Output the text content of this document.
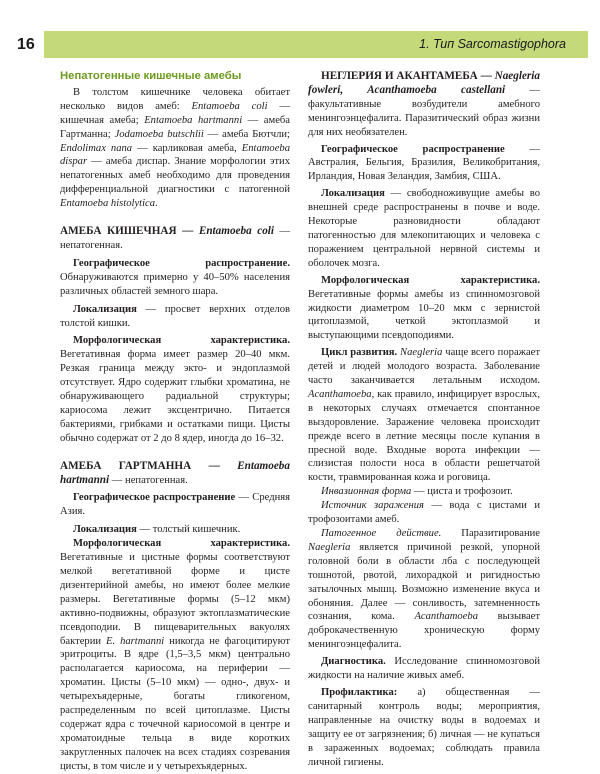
16	1. Тип Sarcomastigophora
Непатогенные кишечные амебы

В толстом кишечнике человека обитает несколько видов амеб: Entamoeba coli — кишечная амеба; Entamoeba hartmanni — амеба Гартманна; Jodamoeba butschlii — амеба Бютчли; Endolimax nana — карликовая амеба, Entamoeba dispar — амеба диспар. Знание морфологии этих непатогенных амеб необходимо для проведения дифференциальной диагностики с патогенной Entamoeba histolytica.

АМЕБА КИШЕЧНАЯ — Entamoeba coli — непатогенная.

Географическое распространение. Обнаруживаются примерно у 40–50% населения различных областей земного шара.

Локализация — просвет верхних отделов толстой кишки.

Морфологическая характеристика. Вегетативная форма имеет размер 20–40 мкм. Резкая граница между экто- и эндоплазмой отсутствует. Ядро содержит глыбки хроматина, не обнаруживающего радиальной структуры; кариосома лежит эксцентрично. Питается бактериями, грибками и остатками пищи. Цисты обычно содержат от 2 до 8 ядер, иногда до 16–32.

АМЕБА ГАРТМАННА — Entamoeba hartmanni — непатогенная.

Географическое распространение — Средняя Азия.

Локализация — толстый кишечник.

Морфологическая характеристика. Вегетативные и цистные формы соответствуют мелкой вегетативной форме и цисте дизентерийной амебы, но имеют более мелкие размеры. Вегетативные формы (5–12 мкм) активно-подвижны, образуют эктоплазматические псевдоподии. В пищеварительных вакуолях бактерии E. hartmanni никогда не фагоцитируют эритроциты. В ядре (1,5–3,5 мкм) центрально располагается кариосома, на периферии — хроматин. Цисты (5–10 мкм) — одно-, двух- и четырехъядерные, богаты гликогеном, распределенным по всей цитоплазме. Цисты содержат ядра с точечной кариосомой в центре и хроматоидные тельца в виде коротких закругленных палочек на всех стадиях созревания цисты, в том числе и у четырехъядерных.

НЕГЛЕРИЯ И АКАНТАМЕБА — Naegleria fowleri, Acanthamoeba castellani — факультативные возбудители амебного менингоэнцефалита. Паразитический образ жизни для них необязателен.

Географическое распространение — Австралия, Бельгия, Бразилия, Великобритания, Ирландия, Новая Зеландия, Замбия, США.

Локализация — свободноживущие амебы во внешней среде распространены в почве и воде. Некоторые разновидности обладают патогенностью для млекопитающих и человека с поражением центральной нервной системы и оболочек мозга.

Морфологическая характеристика. Вегетативные формы амебы из спинномозговой жидкости диаметром 10–20 мкм с зернистой цитоплазмой, четкой эктоплазмой и выступающими псевдоподиями.

Цикл развития. Naegleria чаще всего поражает детей и людей молодого возраста. Заболевание часто заканчивается летальным исходом. Acanthamoeba, как правило, инфицирует взрослых, в некоторых случаях отмечается спонтанное выздоровление. Заражение человека происходит прежде всего в летние месяцы после купания в пресной воде. Входные ворота инфекции — слизистая полости носа в области решетчатой кости, травмированная кожа и роговица.

Инвазионная форма — циста и трофозоит.

Источник заражения — вода с цистами и трофозоитами амеб.

Патогенное действие. Паразитирование Naegleria является причиной резкой, упорной головной боли в области лба с последующей тошнотой, рвотой, лихорадкой и ригидностью затылочных мышц. Возможно изменение вкуса и обоняния. Далее — сонливость, затемненность сознания, кома. Acanthamoeba вызывает доброкачественную хроническую форму менингоэнцефалита.

Диагностика. Исследование спинномозговой жидкости на наличие живых амеб.

Профилактика: а) общественная — санитарный контроль воды; мероприятия, направленные на очистку воды в водоемах и защиту ее от загрязнения; б) личная — не купаться в зараженных водоемах; соблюдать правила личной гигиены.
